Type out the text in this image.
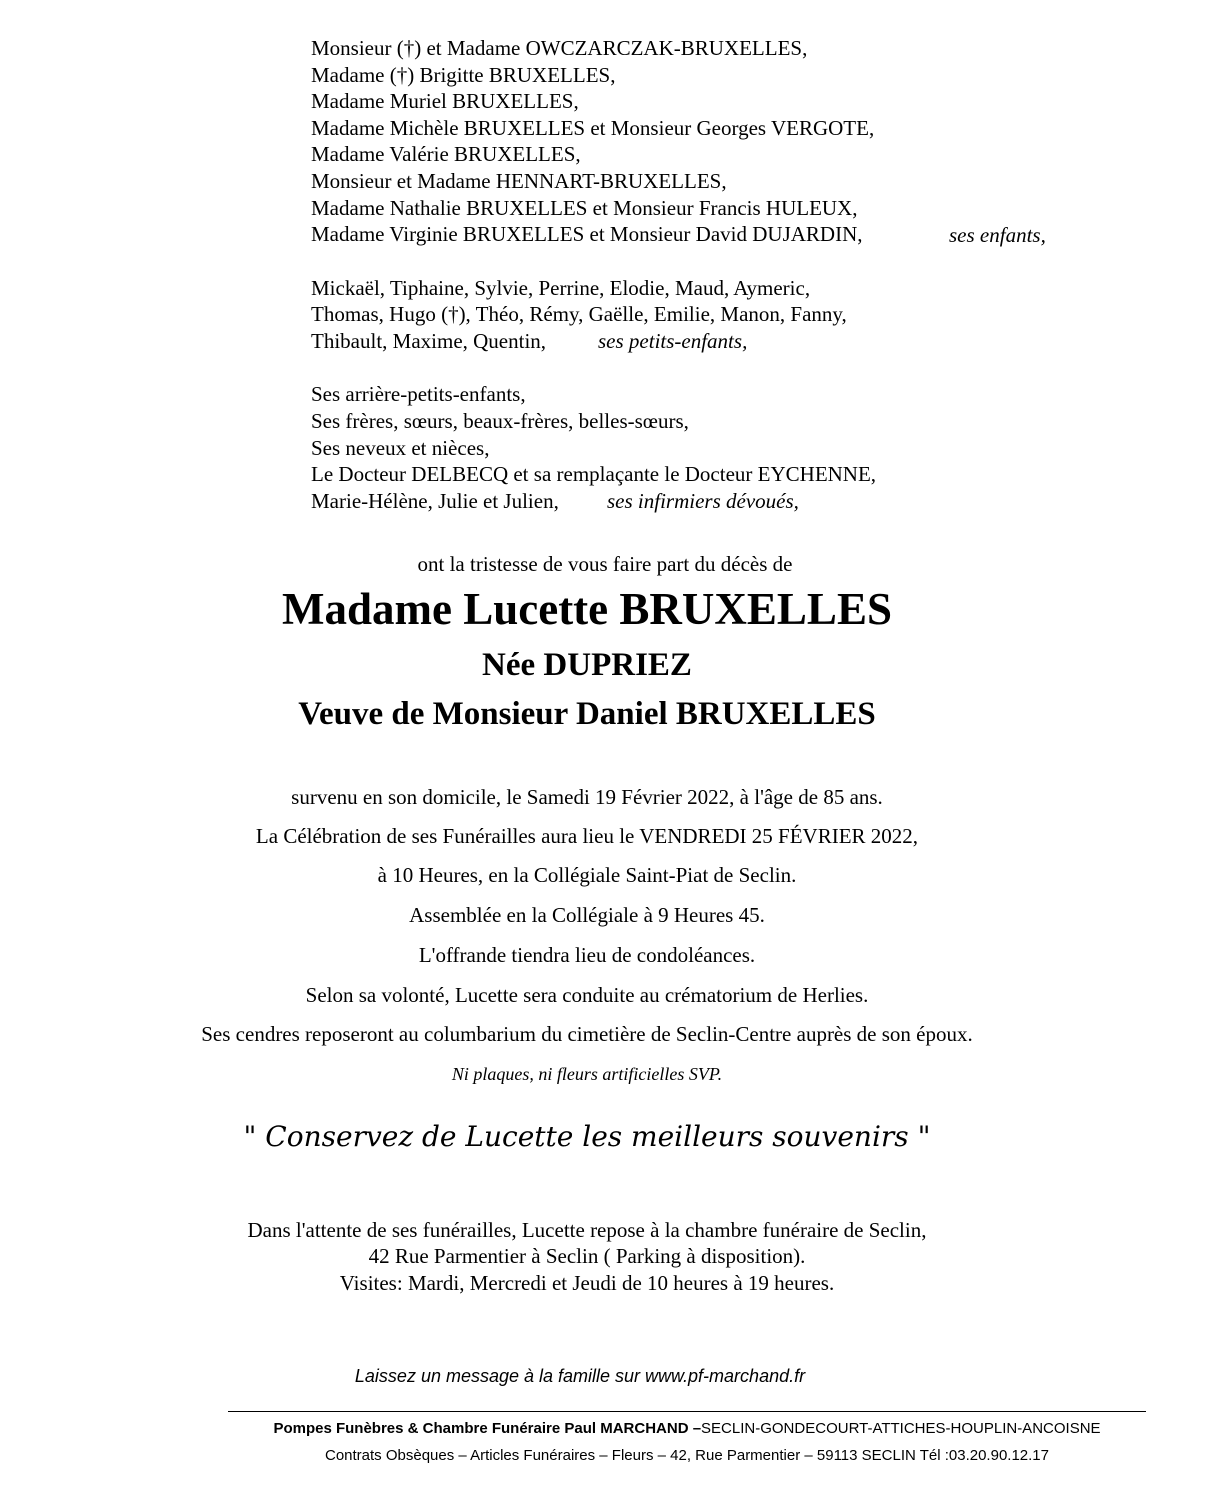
Monsieur (†) et Madame OWCZARCZAK-BRUXELLES,
Madame (†) Brigitte BRUXELLES,
Madame Muriel BRUXELLES,
Madame Michèle BRUXELLES et Monsieur Georges VERGOTE,
Madame Valérie BRUXELLES,
Monsieur et Madame HENNART-BRUXELLES,
Madame Nathalie BRUXELLES et Monsieur Francis HULEUX,
Madame Virginie BRUXELLES et Monsieur David DUJARDIN,	ses enfants,
Mickaël, Tiphaine, Sylvie, Perrine, Elodie, Maud, Aymeric,
Thomas, Hugo (†), Théo, Rémy, Gaëlle, Emilie, Manon, Fanny,
Thibault, Maxime, Quentin, ses petits-enfants,
Ses arrière-petits-enfants,
Ses frères, sœurs, beaux-frères, belles-sœurs,
Ses neveux et nièces,
Le Docteur DELBECQ et sa remplaçante le Docteur EYCHENNE,
Marie-Hélène, Julie et Julien, ses infirmiers dévoués,
ont la tristesse de vous faire part du décès de
Madame Lucette BRUXELLES
Née DUPRIEZ
Veuve de Monsieur Daniel BRUXELLES
survenu en son domicile, le Samedi 19 Février 2022, à l'âge de 85 ans.
La Célébration de ses Funérailles aura lieu le VENDREDI 25 FÉVRIER 2022,
à 10 Heures, en la Collégiale Saint-Piat de Seclin.
Assemblée en la Collégiale à 9 Heures 45.
L'offrande tiendra lieu de condoléances.
Selon sa volonté, Lucette sera conduite au crématorium de Herlies.
Ses cendres reposeront au columbarium du cimetière de Seclin-Centre auprès de son époux.
Ni plaques, ni fleurs artificielles SVP.
" Conservez de Lucette les meilleurs souvenirs "
Dans l'attente de ses funérailles, Lucette repose à la chambre funéraire de Seclin,
42 Rue Parmentier à Seclin ( Parking à disposition).
Visites: Mardi, Mercredi et Jeudi de 10 heures à 19 heures.
Laissez un message à la famille sur www.pf-marchand.fr
Pompes Funèbres & Chambre Funéraire Paul MARCHAND –SECLIN-GONDECOURT-ATTICHES-HOUPLIN-ANCOISNE
Contrats Obsèques – Articles Funéraires – Fleurs – 42, Rue Parmentier – 59113 SECLIN Tél :03.20.90.12.17
